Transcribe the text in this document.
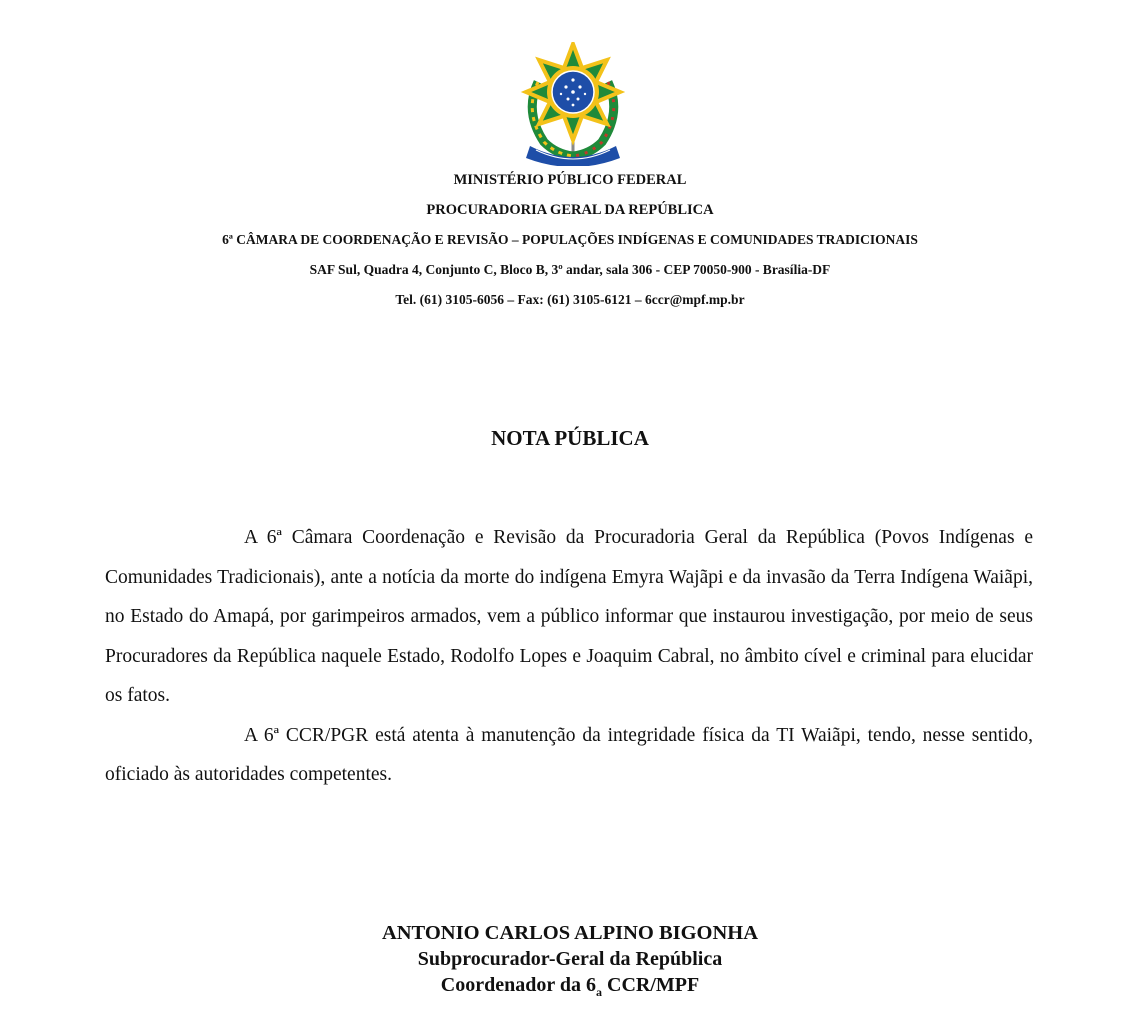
MINISTÉRIO PÚBLICO FEDERAL
PROCURADORIA GERAL DA REPÚBLICA
6ª CÂMARA DE COORDENAÇÃO E REVISÃO – POPULAÇÕES INDÍGENAS E COMUNIDADES TRADICIONAIS
SAF Sul, Quadra 4, Conjunto C, Bloco B, 3º andar, sala 306 - CEP 70050-900 - Brasília-DF
Tel. (61) 3105-6056 – Fax: (61) 3105-6121 – 6ccr@mpf.mp.br
NOTA PÚBLICA

A 6ª Câmara Coordenação e Revisão da Procuradoria Geral da República (Povos Indígenas e Comunidades Tradicionais), ante a notícia da morte do indígena Emyra Wajãpi e da invasão da Terra Indígena Waiãpi, no Estado do Amapá, por garimpeiros armados, vem a público informar que instaurou investigação, por meio de seus Procuradores da República naquele Estado, Rodolfo Lopes e Joaquim Cabral, no âmbito cível e criminal para elucidar os fatos.

A 6ª CCR/PGR está atenta à manutenção da integridade física da TI Waiãpi, tendo, nesse sentido, oficiado às autoridades competentes.

ANTONIO CARLOS ALPINO BIGONHA
Subprocurador-Geral da República
Coordenador da $6_a$ CCR/MPF
